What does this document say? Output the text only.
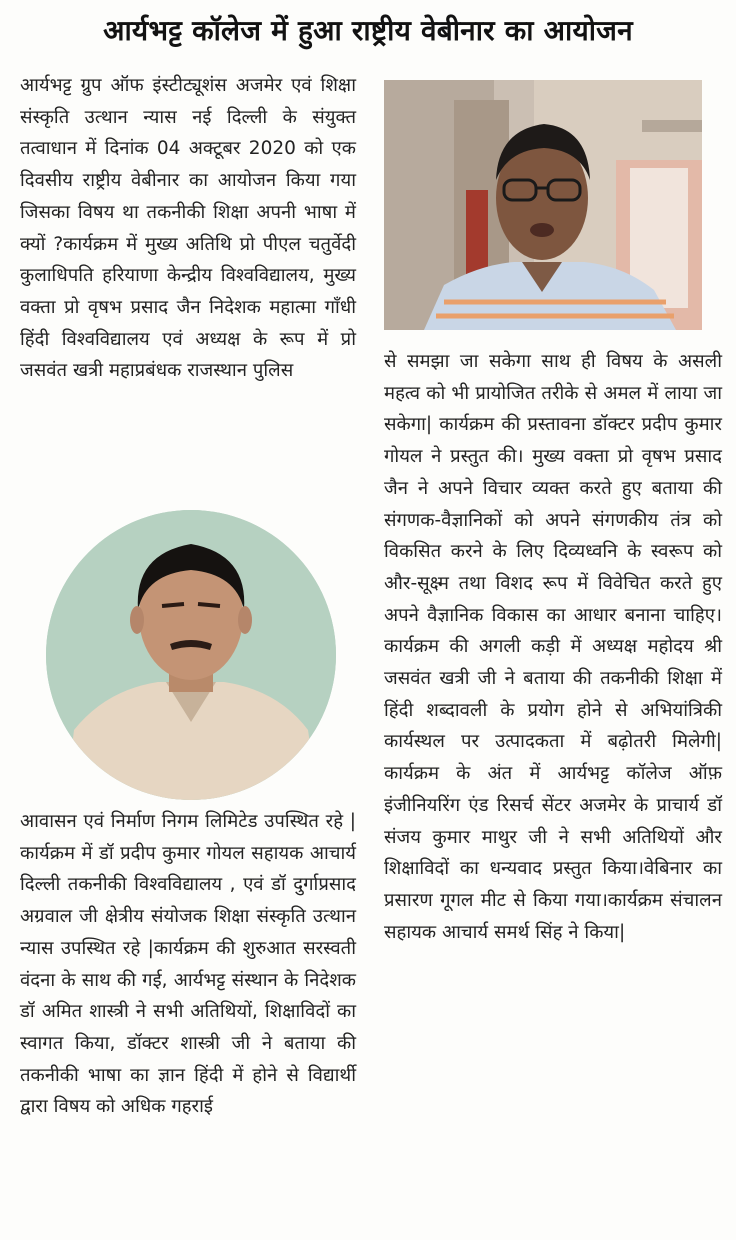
आर्यभट्ट कॉलेज में हुआ राष्ट्रीय वेबीनार का आयोजन

आर्यभट्ट ग्रुप ऑफ इंस्टीट्यूशंस अजमेर एवं शिक्षा संस्कृति उत्थान न्यास नई दिल्ली के संयुक्त तत्वाधान में दिनांक 04 अक्टूबर 2020 को एक दिवसीय राष्ट्रीय वेबीनार का आयोजन किया गया जिसका विषय था तकनीकी शिक्षा अपनी भाषा में क्यों ?कार्यक्रम में मुख्य अतिथि प्रो पीएल चतुर्वेदी कुलाधिपति हरियाणा केन्द्रीय विश्वविद्यालय, मुख्य वक्ता प्रो वृषभ प्रसाद जैन निदेशक महात्मा गाँधी हिंदी विश्वविद्यालय एवं अध्यक्ष के रूप में प्रो जसवंत खत्री महाप्रबंधक राजस्थान पुलिस

आवासन एवं निर्माण निगम लिमिटेड उपस्थित रहे | कार्यक्रम में डॉ प्रदीप कुमार गोयल सहायक आचार्य दिल्ली तकनीकी विश्वविद्यालय , एवं डॉ दुर्गाप्रसाद अग्रवाल जी क्षेत्रीय संयोजक शिक्षा संस्कृति उत्थान न्यास उपस्थित रहे |कार्यक्रम की शुरुआत सरस्वती वंदना के साथ की गई, आर्यभट्ट संस्थान के निदेशक डॉ अमित शास्त्री ने सभी अतिथियों, शिक्षाविदों का स्वागत किया, डॉक्टर शास्त्री जी ने बताया की तकनीकी भाषा का ज्ञान हिंदी में होने से विद्यार्थी द्वारा विषय को अधिक गहराई

से समझा जा सकेगा साथ ही विषय के असली महत्व को भी प्रायोजित तरीके से अमल में लाया जा सकेगा| कार्यक्रम की प्रस्तावना डॉक्टर प्रदीप कुमार गोयल ने प्रस्तुत की। मुख्य वक्ता प्रो वृषभ प्रसाद जैन ने अपने विचार व्यक्त करते हुए बताया की संगणक-वैज्ञानिकों को अपने संगणकीय तंत्र को विकसित करने के लिए दिव्यध्वनि के स्वरूप को और-सूक्ष्म तथा विशद रूप में विवेचित करते हुए अपने वैज्ञानिक विकास का आधार बनाना चाहिए। कार्यक्रम की अगली कड़ी में अध्यक्ष महोदय श्री जसवंत खत्री जी ने बताया की तकनीकी शिक्षा में हिंदी शब्दावली के प्रयोग होने से अभियांत्रिकी कार्यस्थल पर उत्पादकता में बढ़ोतरी मिलेगी| कार्यक्रम के अंत में आर्यभट्ट कॉलेज ऑफ़ इंजीनियरिंग एंड रिसर्च सेंटर अजमेर के प्राचार्य डॉ संजय कुमार माथुर जी ने सभी अतिथियों और शिक्षाविदों का धन्यवाद प्रस्तुत किया।वेबिनार का प्रसारण गूगल मीट से किया गया।कार्यक्रम संचालन सहायक आचार्य समर्थ सिंह ने किया|
